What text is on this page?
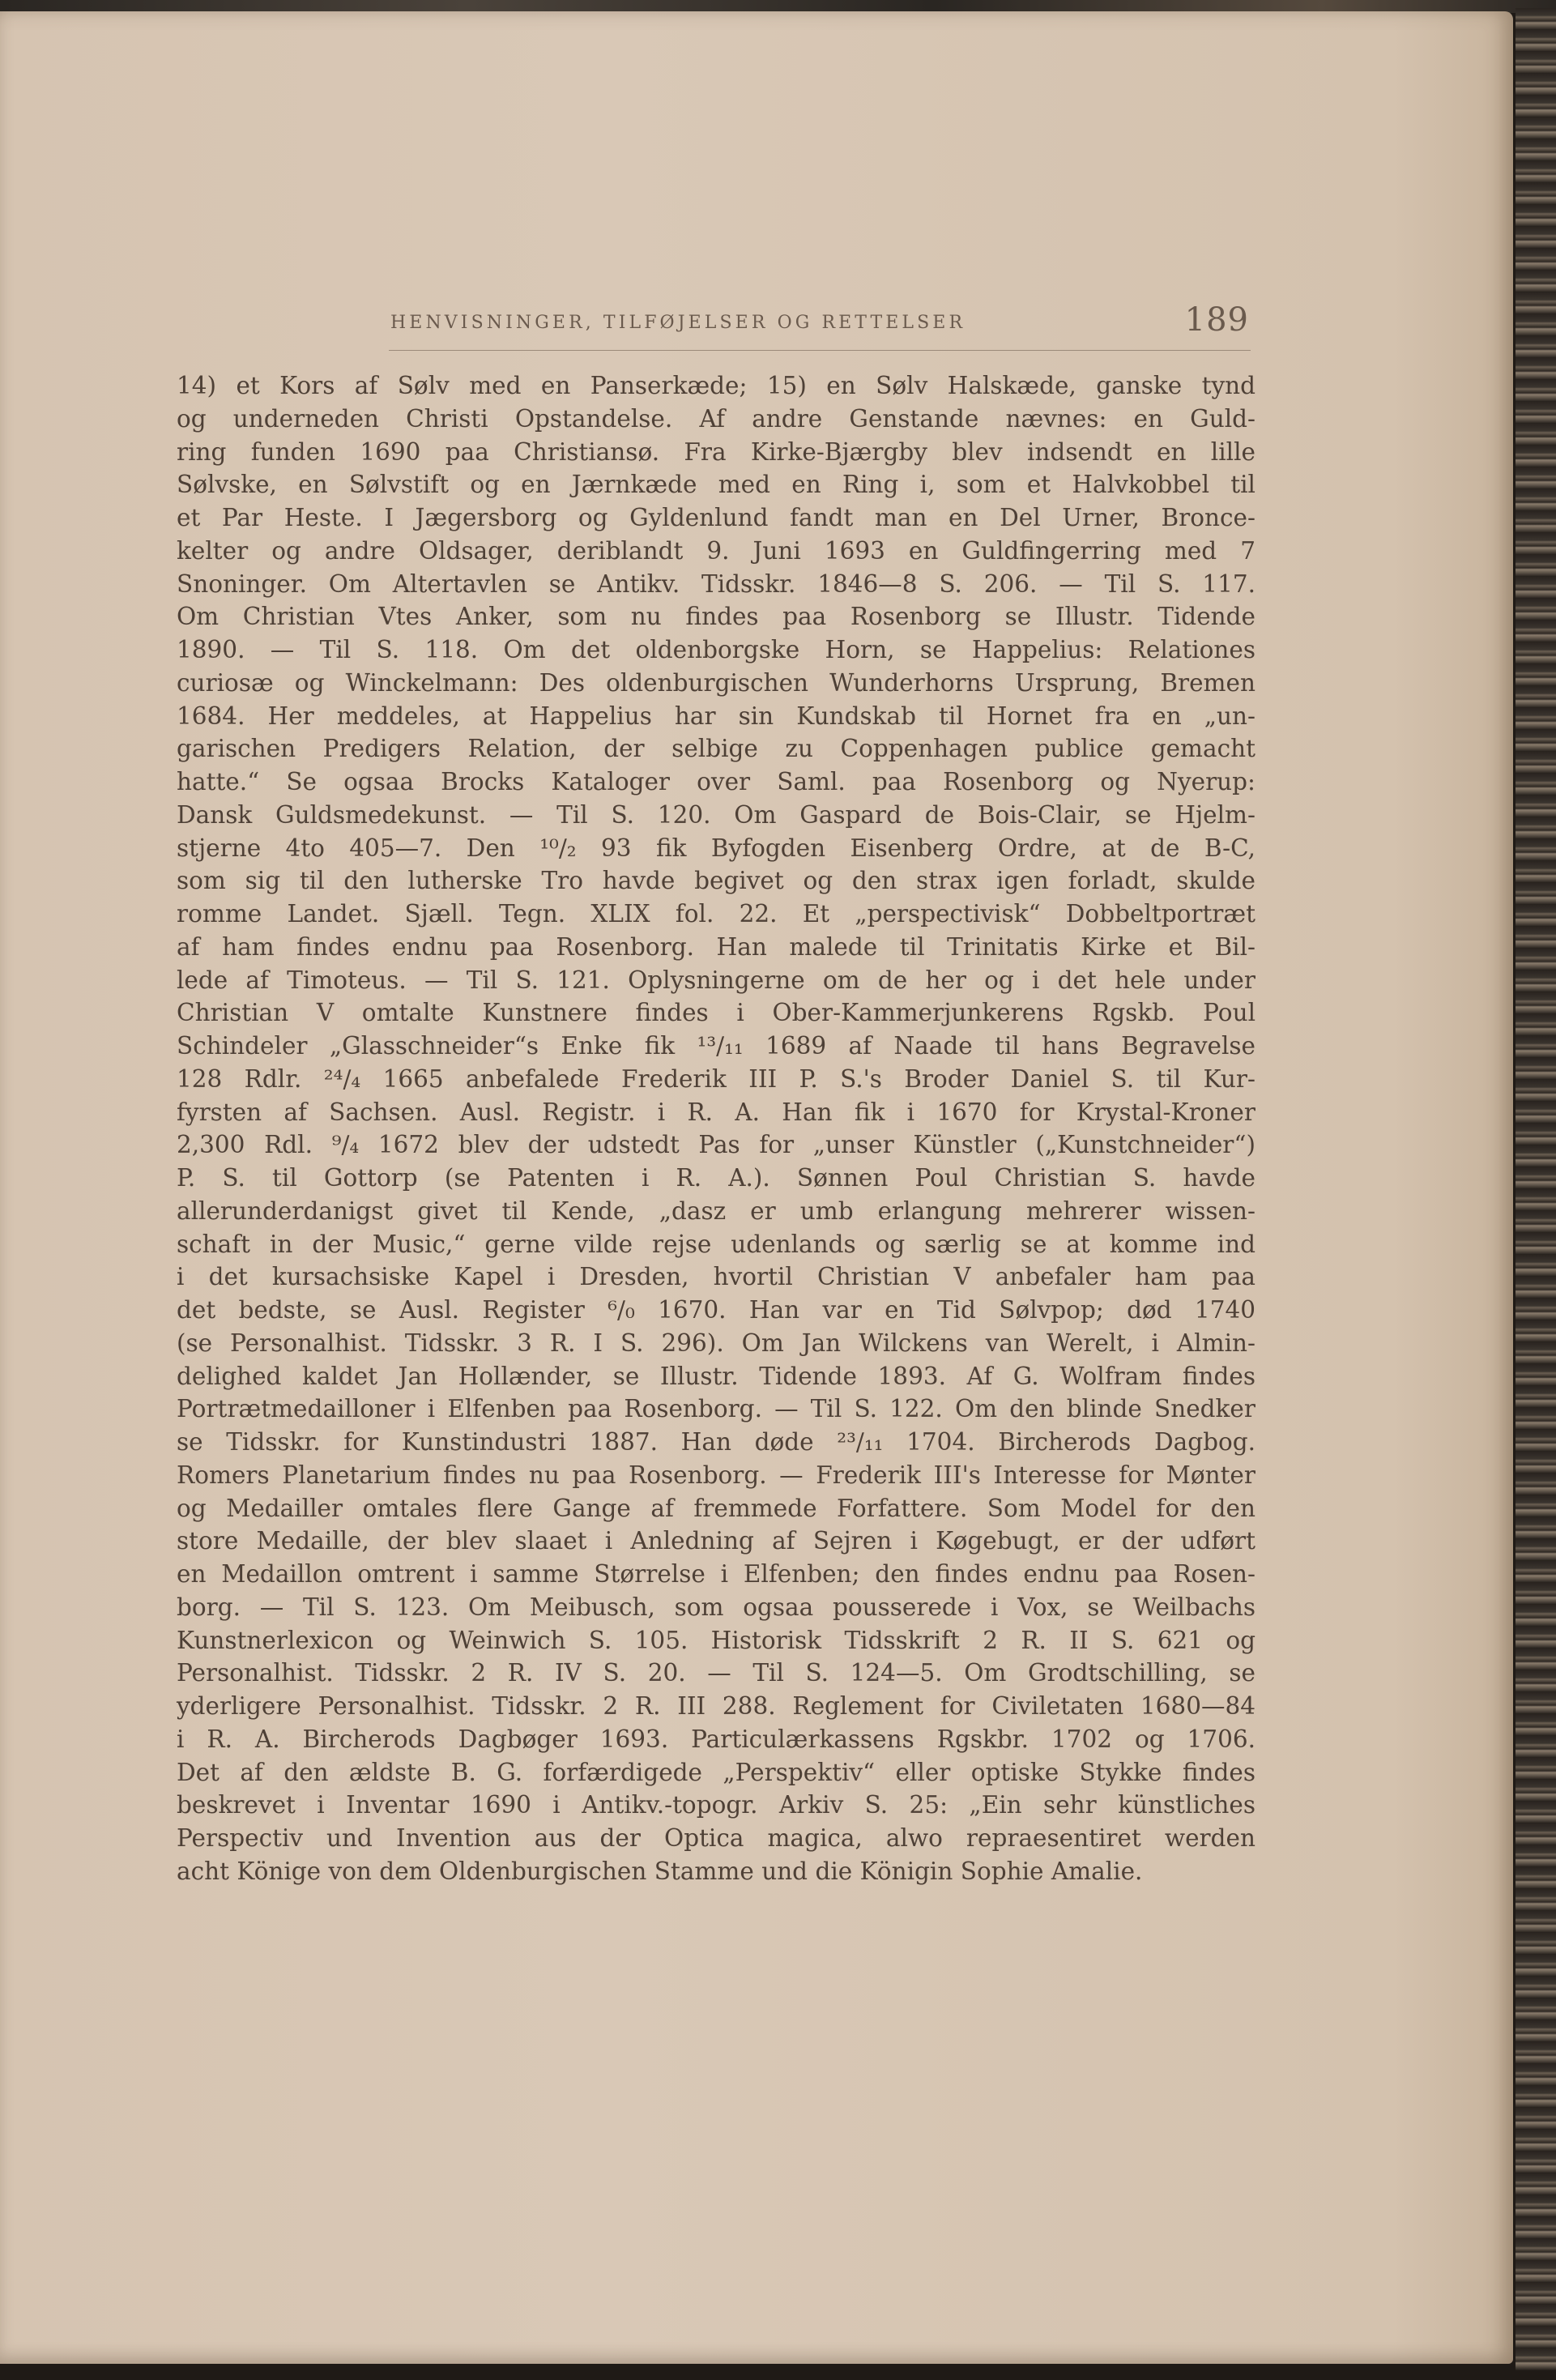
HENVISNINGER, TILFØJELSER OG RETTELSER	189
14) et Kors af Sølv med en Panserkæde; 15) en Sølv Halskæde, ganske tynd
og underneden Christi Opstandelse. Af andre Genstande nævnes: en Guld-
ring funden 1690 paa Christiansø. Fra Kirke-Bjærgby blev indsendt en lille
Sølvske, en Sølvstift og en Jærnkæde med en Ring i, som et Halvkobbel til
et Par Heste. I Jægersborg og Gyldenlund fandt man en Del Urner, Bronce-
kelter og andre Oldsager, deriblandt 9. Juni 1693 en Guldfingerring med 7
Snoninger. Om Altertavlen se Antikv. Tidsskr. 1846—8 S. 206. — Til S. 117.
Om Christian Vtes Anker, som nu findes paa Rosenborg se Illustr. Tidende
1890. — Til S. 118. Om det oldenborgske Horn, se Happelius: Relationes
curiosæ og Winckelmann: Des oldenburgischen Wunderhorns Ursprung, Bremen
1684. Her meddeles, at Happelius har sin Kundskab til Hornet fra en „un-
garischen Predigers Relation, der selbige zu Coppenhagen publice gemacht
hatte.“ Se ogsaa Brocks Kataloger over Saml. paa Rosenborg og Nyerup:
Dansk Guldsmedekunst. — Til S. 120. Om Gaspard de Bois-Clair, se Hjelm-
stjerne 4to 405—7. Den ¹⁰/₂ 93 fik Byfogden Eisenberg Ordre, at de B-C,
som sig til den lutherske Tro havde begivet og den strax igen forladt, skulde
romme Landet. Sjæll. Tegn. XLIX fol. 22. Et „perspectivisk“ Dobbeltportræt
af ham findes endnu paa Rosenborg. Han malede til Trinitatis Kirke et Bil-
lede af Timoteus. — Til S. 121. Oplysningerne om de her og i det hele under
Christian V omtalte Kunstnere findes i Ober-Kammerjunkerens Rgskb. Poul
Schindeler „Glasschneider“s Enke fik ¹³/₁₁ 1689 af Naade til hans Begravelse
128 Rdlr. ²⁴/₄ 1665 anbefalede Frederik III P. S.'s Broder Daniel S. til Kur-
fyrsten af Sachsen. Ausl. Registr. i R. A. Han fik i 1670 for Krystal-Kroner
2,300 Rdl. ⁹/₄ 1672 blev der udstedt Pas for „unser Künstler („Kunstchneider“)
P. S. til Gottorp (se Patenten i R. A.). Sønnen Poul Christian S. havde
allerunderdanigst givet til Kende, „dasz er umb erlangung mehrerer wissen-
schaft in der Music,“ gerne vilde rejse udenlands og særlig se at komme ind
i det kursachsiske Kapel i Dresden, hvortil Christian V anbefaler ham paa
det bedste, se Ausl. Register ⁶/₀ 1670. Han var en Tid Sølvpop; død 1740
(se Personalhist. Tidsskr. 3 R. I S. 296). Om Jan Wilckens van Werelt, i Almin-
delighed kaldet Jan Hollænder, se Illustr. Tidende 1893. Af G. Wolfram findes
Portrætmedailloner i Elfenben paa Rosenborg. — Til S. 122. Om den blinde Snedker
se Tidsskr. for Kunstindustri 1887. Han døde ²³/₁₁ 1704. Bircherods Dagbog.
Romers Planetarium findes nu paa Rosenborg. — Frederik III's Interesse for Mønter
og Medailler omtales flere Gange af fremmede Forfattere. Som Model for den
store Medaille, der blev slaaet i Anledning af Sejren i Køgebugt, er der udført
en Medaillon omtrent i samme Størrelse i Elfenben; den findes endnu paa Rosen-
borg. — Til S. 123. Om Meibusch, som ogsaa pousserede i Vox, se Weilbachs
Kunstnerlexicon og Weinwich S. 105. Historisk Tidsskrift 2 R. II S. 621 og
Personalhist. Tidsskr. 2 R. IV S. 20. — Til S. 124—5. Om Grodtschilling, se
yderligere Personalhist. Tidsskr. 2 R. III 288. Reglement for Civiletaten 1680—84
i R. A. Bircherods Dagbøger 1693. Particulærkassens Rgskbr. 1702 og 1706.
Det af den ældste B. G. forfærdigede „Perspektiv“ eller optiske Stykke findes
beskrevet i Inventar 1690 i Antikv.-topogr. Arkiv S. 25: „Ein sehr künstliches
Perspectiv und Invention aus der Optica magica, alwo repraesentiret werden
acht Könige von dem Oldenburgischen Stamme und die Königin Sophie Amalie.
